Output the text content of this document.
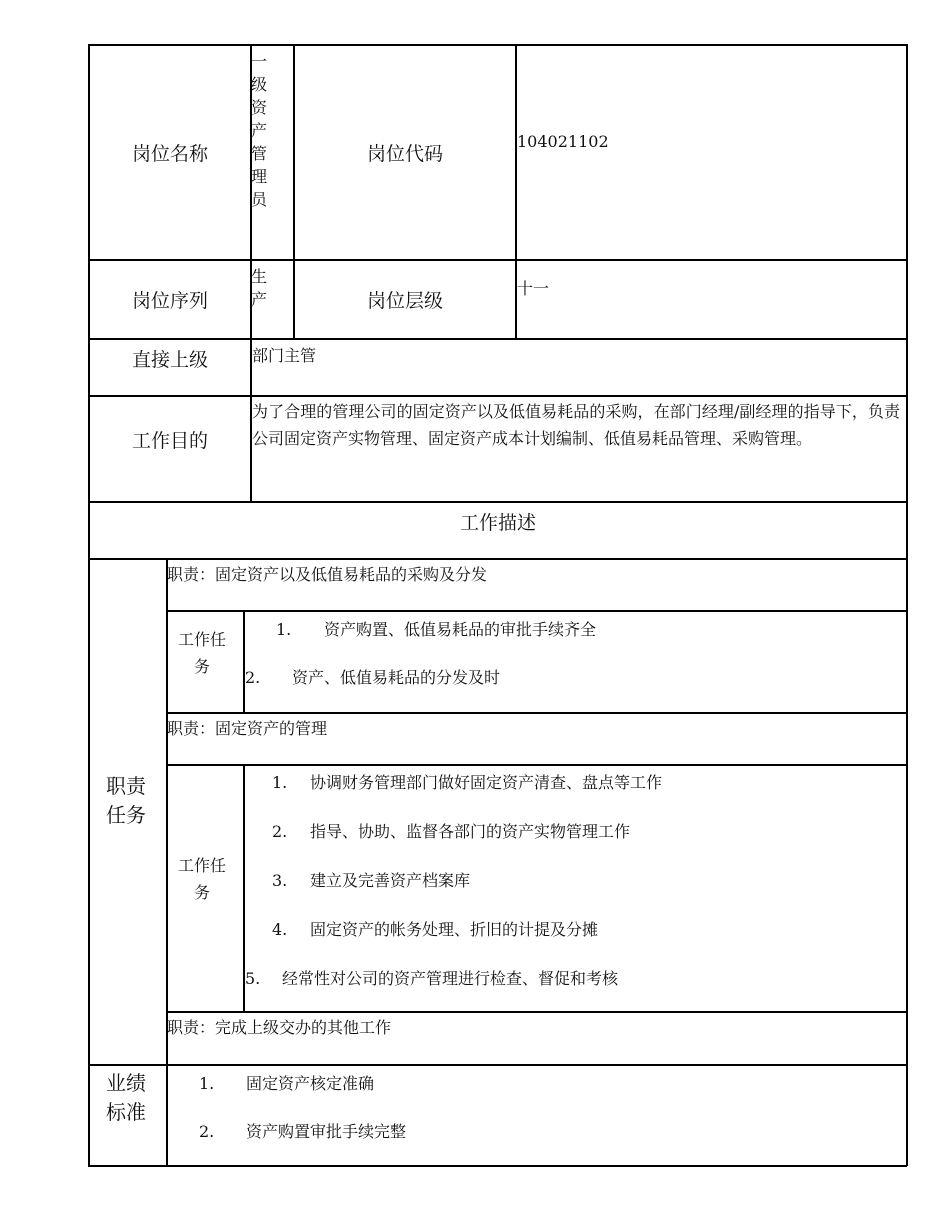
岗位名称
一级资产管理员
岗位代码
104021102
岗位序列
生产	岗位层级
十一
直接上级	部门主管
工作目的
为了合理的管理公司的固定资产以及低值易耗品的采购，在部门经理/副经理的指导下，负责公司固定资产实物管理、固定资产成本计划编制、低值易耗品管理、采购管理。
工作描述
职责任务
职责：固定资产以及低值易耗品的采购及分发
工作任务
1. 资产购置、低值易耗品的审批手续齐全
2. 资产、低值易耗品的分发及时
职责：固定资产的管理
工作任务
1. 协调财务管理部门做好固定资产清查、盘点等工作
2. 指导、协助、监督各部门的资产实物管理工作
3. 建立及完善资产档案库
4. 固定资产的帐务处理、折旧的计提及分摊
5. 经常性对公司的资产管理进行检查、督促和考核
职责：完成上级交办的其他工作
业绩标准
1. 固定资产核定准确
2. 资产购置审批手续完整
